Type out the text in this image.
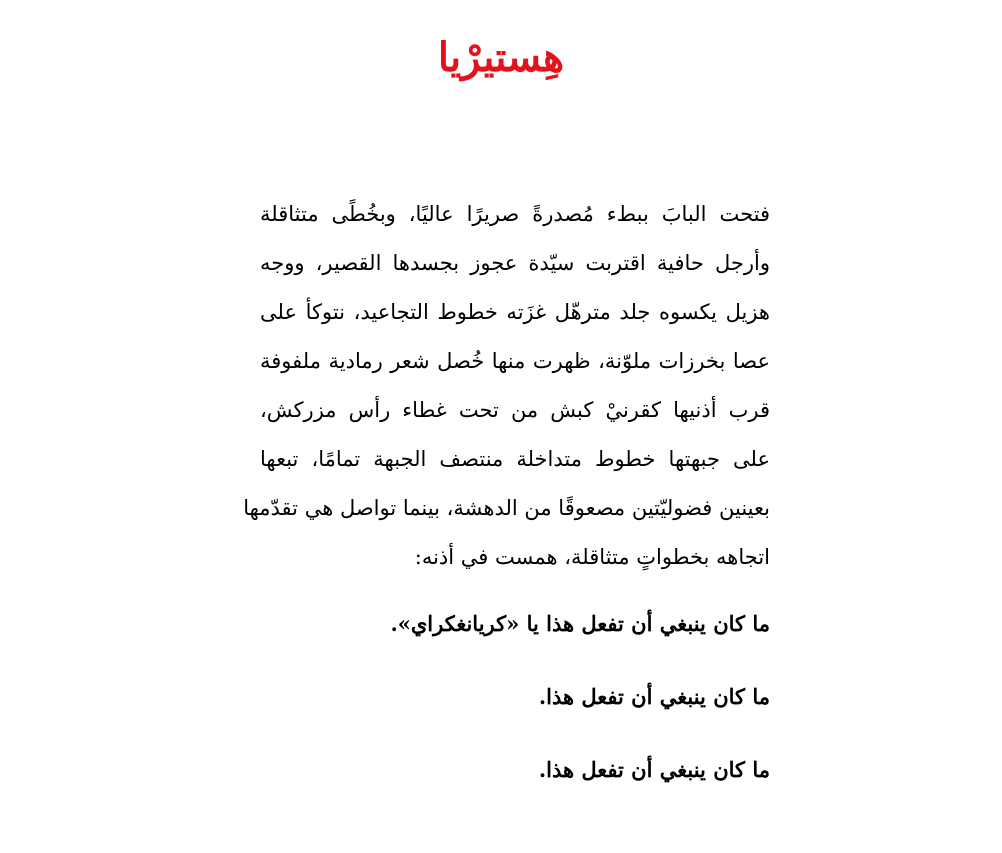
هِستيرْيا
فتحت البابَ ببطء مُصدرةً صريرًا عاليًا، وبخُطًى متثاقلة
وأرجل حافية اقتربت سيّدة عجوز بجسدها القصير، ووجه
هزيل يكسوه جلد مترهّل غزَته خطوط التجاعيد، نتوكأ على
عصا بخرزات ملوّنة، ظهرت منها خُصل شعر رمادية ملفوفة
قرب أذنيها كقرنيْ كبش من تحت غطاء رأس مزركش،
على جبهتها خطوط متداخلة منتصف الجبهة تمامًا، تبعها
بعينين فضوليّتين مصعوقًا من الدهشة، بينما تواصل هي تقدّمها
اتجاهه بخطواتٍ متثاقلة، همست في أذنه:
ما كان ينبغي أن تفعل هذا يا «كريانغكراي».
ما كان ينبغي أن تفعل هذا.
ما كان ينبغي أن تفعل هذا.
